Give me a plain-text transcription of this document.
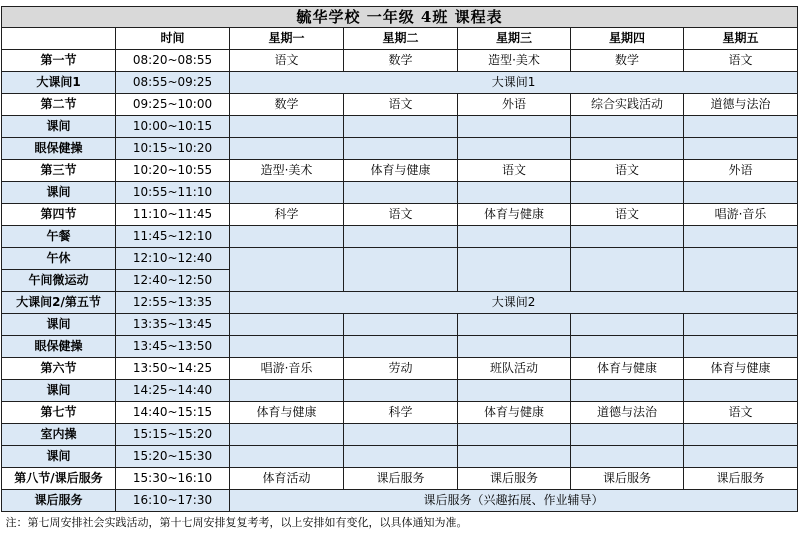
毓华学校 一年级 4班 课程表						
	时间	星期一	星期二	星期三	星期四	星期五
第一节	08:20~08:55	语文	数学	造型·美术	数学	语文
大课间1	08:55~09:25	大课间1				
第二节	09:25~10:00	数学	语文	外语	综合实践活动	道德与法治
课间	10:00~10:15					
眼保健操	10:15~10:20					
第三节	10:20~10:55	造型·美术	体育与健康	语文	语文	外语
课间	10:55~11:10					
第四节	11:10~11:45	科学	语文	体育与健康	语文	唱游·音乐
午餐	11:45~12:10					
午休	12:10~12:40					
午间微运动	12:40~12:50					
大课间2/第五节	12:55~13:35	大课间2				
课间	13:35~13:45					
眼保健操	13:45~13:50					
第六节	13:50~14:25	唱游·音乐	劳动	班队活动	体育与健康	体育与健康
课间	14:25~14:40					
第七节	14:40~15:15	体育与健康	科学	体育与健康	道德与法治	语文
室内操	15:15~15:20					
课间	15:20~15:30					
第八节/课后服务	15:30~16:10	体育活动	课后服务	课后服务	课后服务	课后服务
课后服务	16:10~17:30	课后服务（兴趣拓展、作业辅导）				
注：第七周安排社会实践活动，第十七周安排复复考考，以上安排如有变化，以具体通知为准。						
